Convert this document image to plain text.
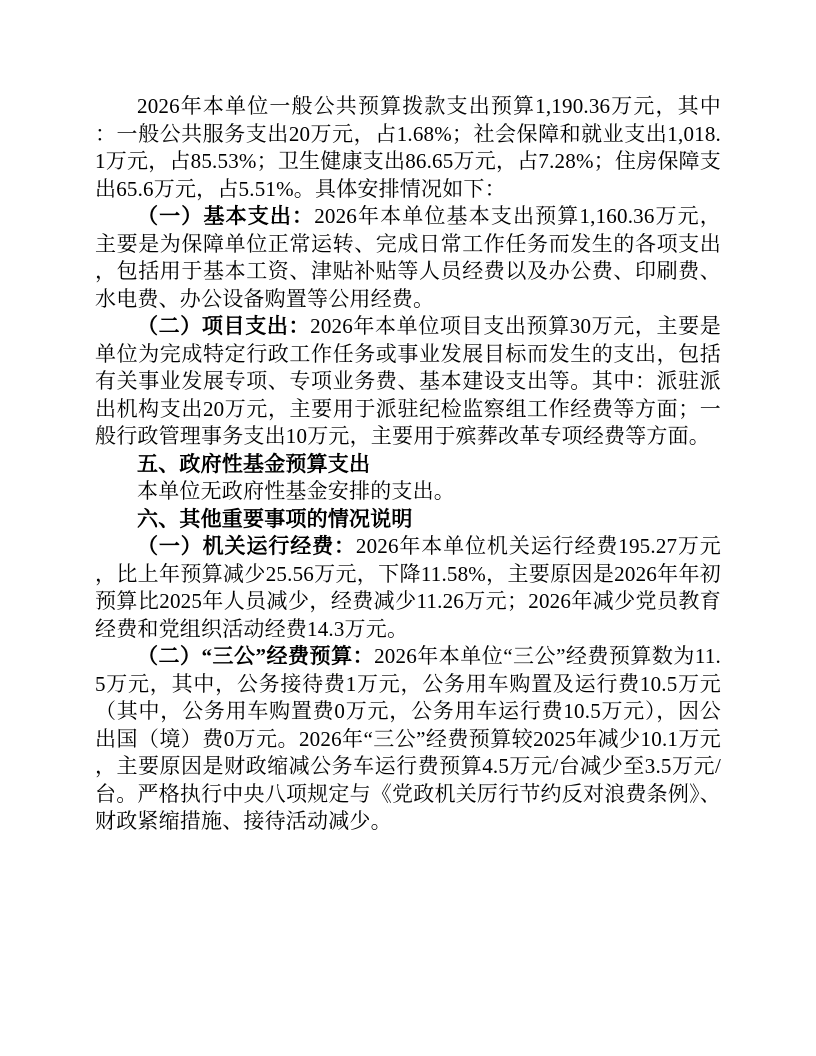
2026年本单位一般公共预算拨款支出预算1,190.36万元，其中：一般公共服务支出20万元，占1.68%；社会保障和就业支出1,018.1万元，占85.53%；卫生健康支出86.65万元，占7.28%；住房保障支出65.6万元，占5.51%。具体安排情况如下：

（一）基本支出：2026年本单位基本支出预算1,160.36万元，主要是为保障单位正常运转、完成日常工作任务而发生的各项支出，包括用于基本工资、津贴补贴等人员经费以及办公费、印刷费、水电费、办公设备购置等公用经费。

（二）项目支出：2026年本单位项目支出预算30万元，主要是单位为完成特定行政工作任务或事业发展目标而发生的支出，包括有关事业发展专项、专项业务费、基本建设支出等。其中：派驻派出机构支出20万元，主要用于派驻纪检监察组工作经费等方面；一般行政管理事务支出10万元，主要用于殡葬改革专项经费等方面。

五、政府性基金预算支出

本单位无政府性基金安排的支出。

六、其他重要事项的情况说明

（一）机关运行经费：2026年本单位机关运行经费195.27万元，比上年预算减少25.56万元，下降11.58%，主要原因是2026年年初预算比2025年人员减少，经费减少11.26万元；2026年减少党员教育经费和党组织活动经费14.3万元。

（二）“三公”经费预算：2026年本单位“三公”经费预算数为11.5万元，其中，公务接待费1万元，公务用车购置及运行费10.5万元（其中，公务用车购置费0万元，公务用车运行费10.5万元），因公出国（境）费0万元。2026年“三公”经费预算较2025年减少10.1万元，主要原因是财政缩减公务车运行费预算4.5万元/台减少至3.5万元/台。严格执行中央八项规定与《党政机关厉行节约反对浪费条例》、财政紧缩措施、接待活动减少。
